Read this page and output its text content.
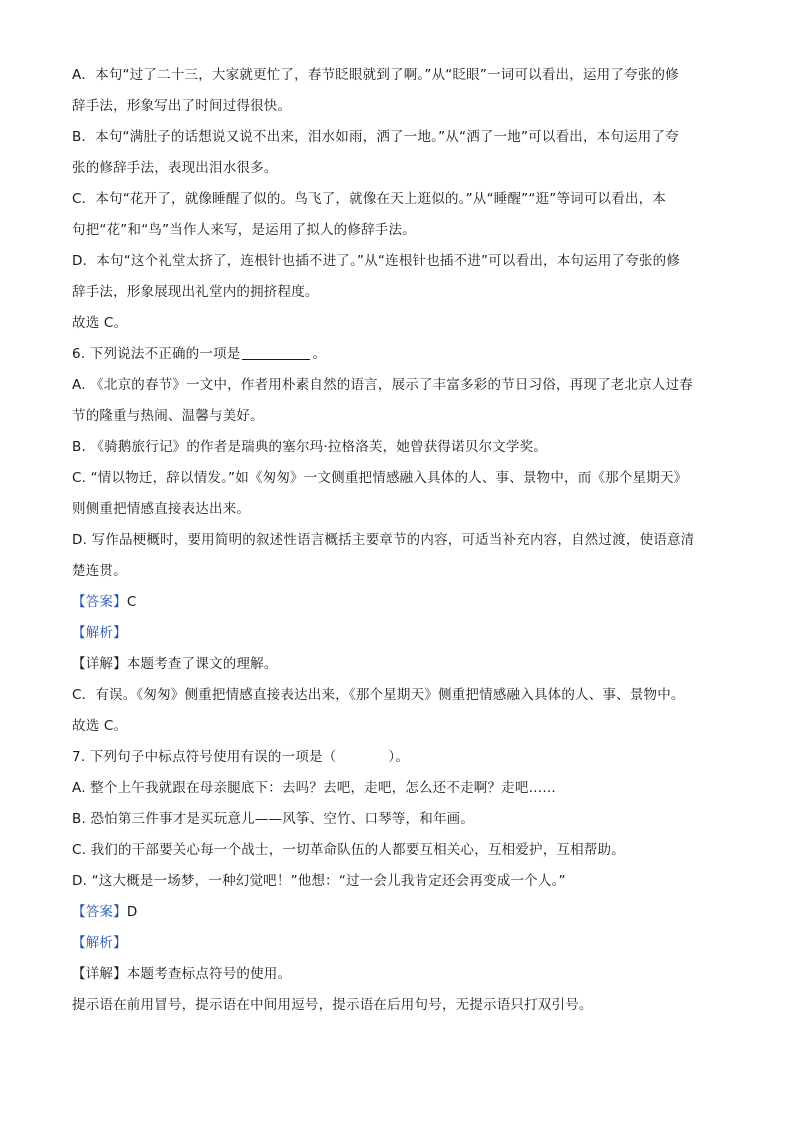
A．本句“过了二十三，大家就更忙了，春节眨眼就到了啊。”从“眨眼”一词可以看出，运用了夸张的修
辞手法，形象写出了时间过得很快。
B．本句“满肚子的话想说又说不出来，泪水如雨，洒了一地。”从“洒了一地”可以看出，本句运用了夸
张的修辞手法，表现出泪水很多。
C．本句“花开了，就像睡醒了似的。鸟飞了，就像在天上逛似的。”从“睡醒”“逛”等词可以看出，本
句把“花”和“鸟”当作人来写，是运用了拟人的修辞手法。
D．本句“这个礼堂太挤了，连根针也插不进了。”从“连根针也插不进”可以看出，本句运用了夸张的修
辞手法，形象展现出礼堂内的拥挤程度。
故选 C。
6. 下列说法不正确的一项是	。
A. 《北京的春节》一文中，作者用朴素自然的语言，展示了丰富多彩的节日习俗，再现了老北京人过春
节的隆重与热闹、温馨与美好。
B. 《骑鹅旅行记》的作者是瑞典的塞尔玛·拉格洛芙，她曾获得诺贝尔文学奖。
C. “情以物迁，辞以情发。”如《匆匆》一文侧重把情感融入具体的人、事、景物中，而《那个星期天》
则侧重把情感直接表达出来。
D. 写作品梗概时，要用简明的叙述性语言概括主要章节的内容，可适当补充内容，自然过渡，使语意清
楚连贯。
【答案】C
【解析】
【详解】本题考查了课文的理解。
C．有误。《匆匆》侧重把情感直接表达出来，《那个星期天》侧重把情感融入具体的人、事、景物中。
故选 C。
7. 下列句子中标点符号使用有误的一项是（	）。
A. 整个上午我就跟在母亲腿底下：去吗？去吧，走吧，怎么还不走啊？走吧……
B. 恐怕第三件事才是买玩意儿——风筝、空竹、口琴等，和年画。
C. 我们的干部要关心每一个战士，一切革命队伍的人都要互相关心，互相爱护，互相帮助。
D. “这大概是一场梦，一种幻觉吧！”他想：“过一会儿我肯定还会再变成一个人。”
【答案】D
【解析】
【详解】本题考查标点符号的使用。
提示语在前用冒号，提示语在中间用逗号，提示语在后用句号，无提示语只打双引号。
